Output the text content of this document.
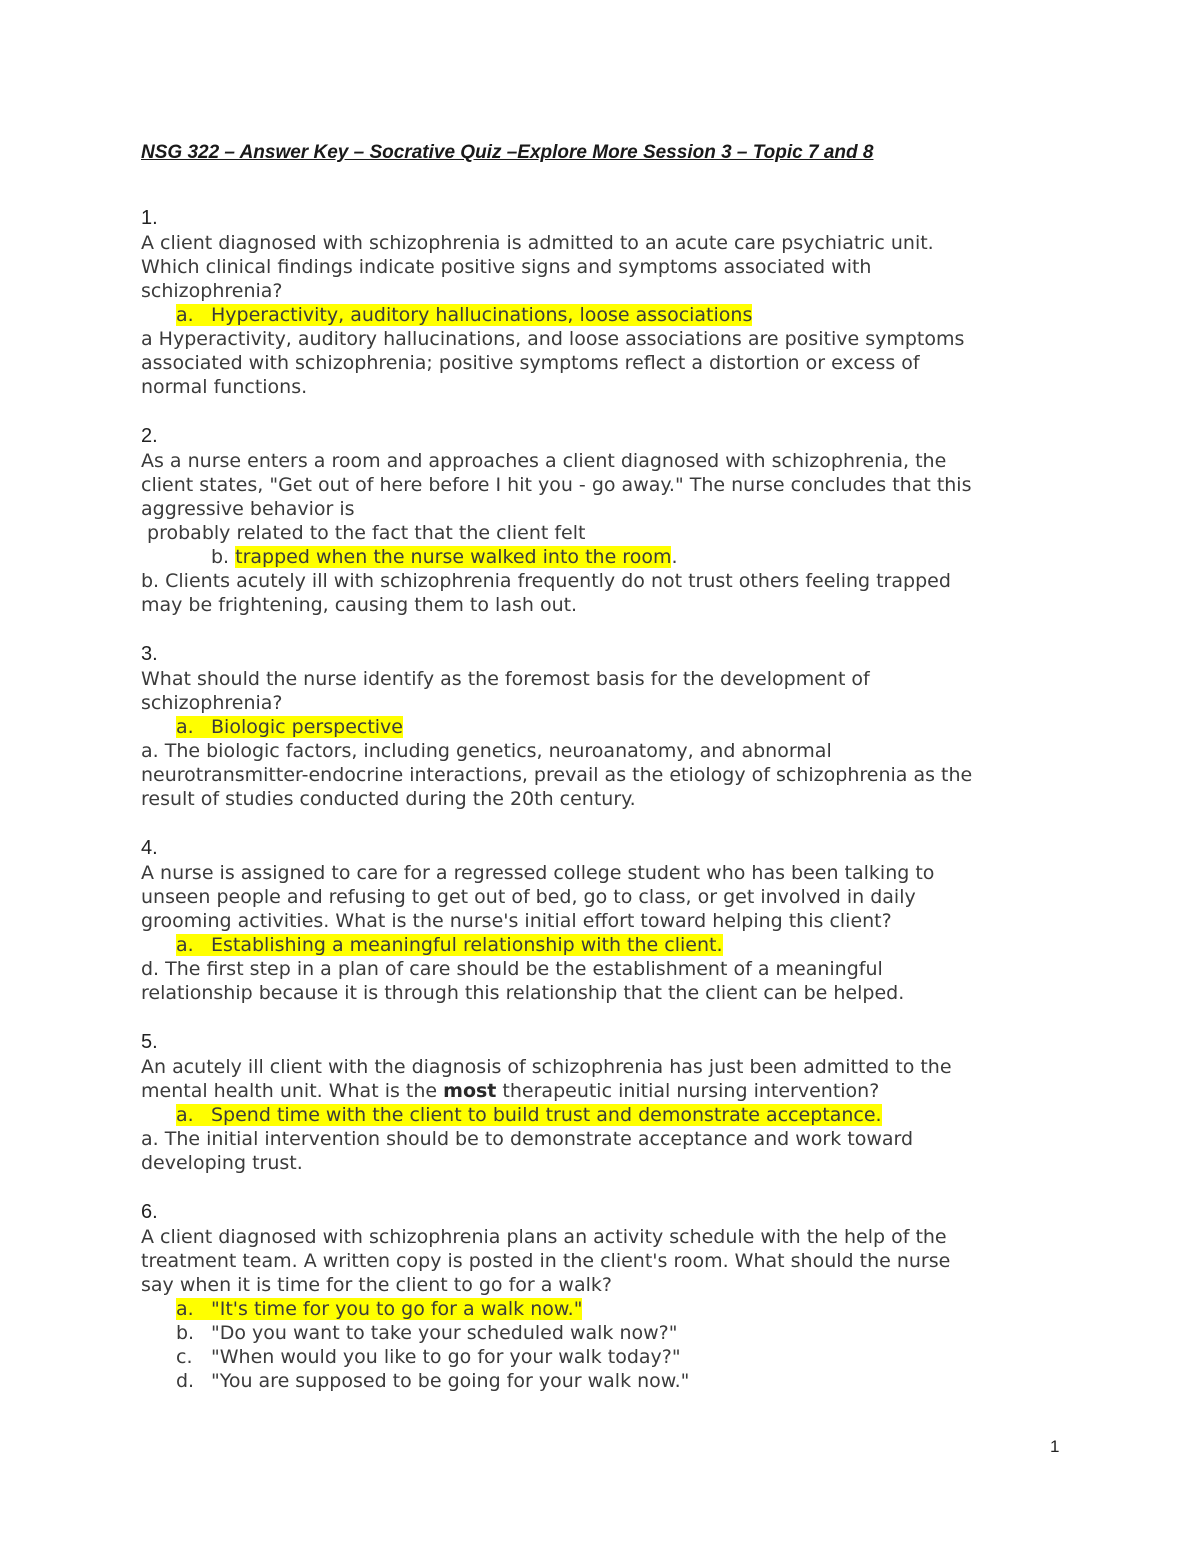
NSG 322 – Answer Key – Socrative Quiz –Explore More Session 3 – Topic 7 and 8
1.
A client diagnosed with schizophrenia is admitted to an acute care psychiatric unit.
Which clinical findings indicate positive signs and symptoms associated with
schizophrenia?
a. Hyperactivity, auditory hallucinations, loose associations
a Hyperactivity, auditory hallucinations, and loose associations are positive symptoms
associated with schizophrenia; positive symptoms reflect a distortion or excess of
normal functions.
2.
As a nurse enters a room and approaches a client diagnosed with schizophrenia, the
client states, "Get out of here before I hit you - go away." The nurse concludes that this
aggressive behavior is
probably related to the fact that the client felt
b. trapped when the nurse walked into the room.
b. Clients acutely ill with schizophrenia frequently do not trust others feeling trapped
may be frightening, causing them to lash out.
3.
What should the nurse identify as the foremost basis for the development of
schizophrenia?
a. Biologic perspective
a. The biologic factors, including genetics, neuroanatomy, and abnormal
neurotransmitter-endocrine interactions, prevail as the etiology of schizophrenia as the
result of studies conducted during the 20th century.
4.
A nurse is assigned to care for a regressed college student who has been talking to
unseen people and refusing to get out of bed, go to class, or get involved in daily
grooming activities. What is the nurse's initial effort toward helping this client?
a. Establishing a meaningful relationship with the client.
d. The first step in a plan of care should be the establishment of a meaningful
relationship because it is through this relationship that the client can be helped.
5.
An acutely ill client with the diagnosis of schizophrenia has just been admitted to the
mental health unit. What is the most therapeutic initial nursing intervention?
a. Spend time with the client to build trust and demonstrate acceptance.
a. The initial intervention should be to demonstrate acceptance and work toward
developing trust.
6.
A client diagnosed with schizophrenia plans an activity schedule with the help of the
treatment team. A written copy is posted in the client's room. What should the nurse
say when it is time for the client to go for a walk?
a. "It's time for you to go for a walk now."
b. "Do you want to take your scheduled walk now?"
c. "When would you like to go for your walk today?"
d. "You are supposed to be going for your walk now."
1
